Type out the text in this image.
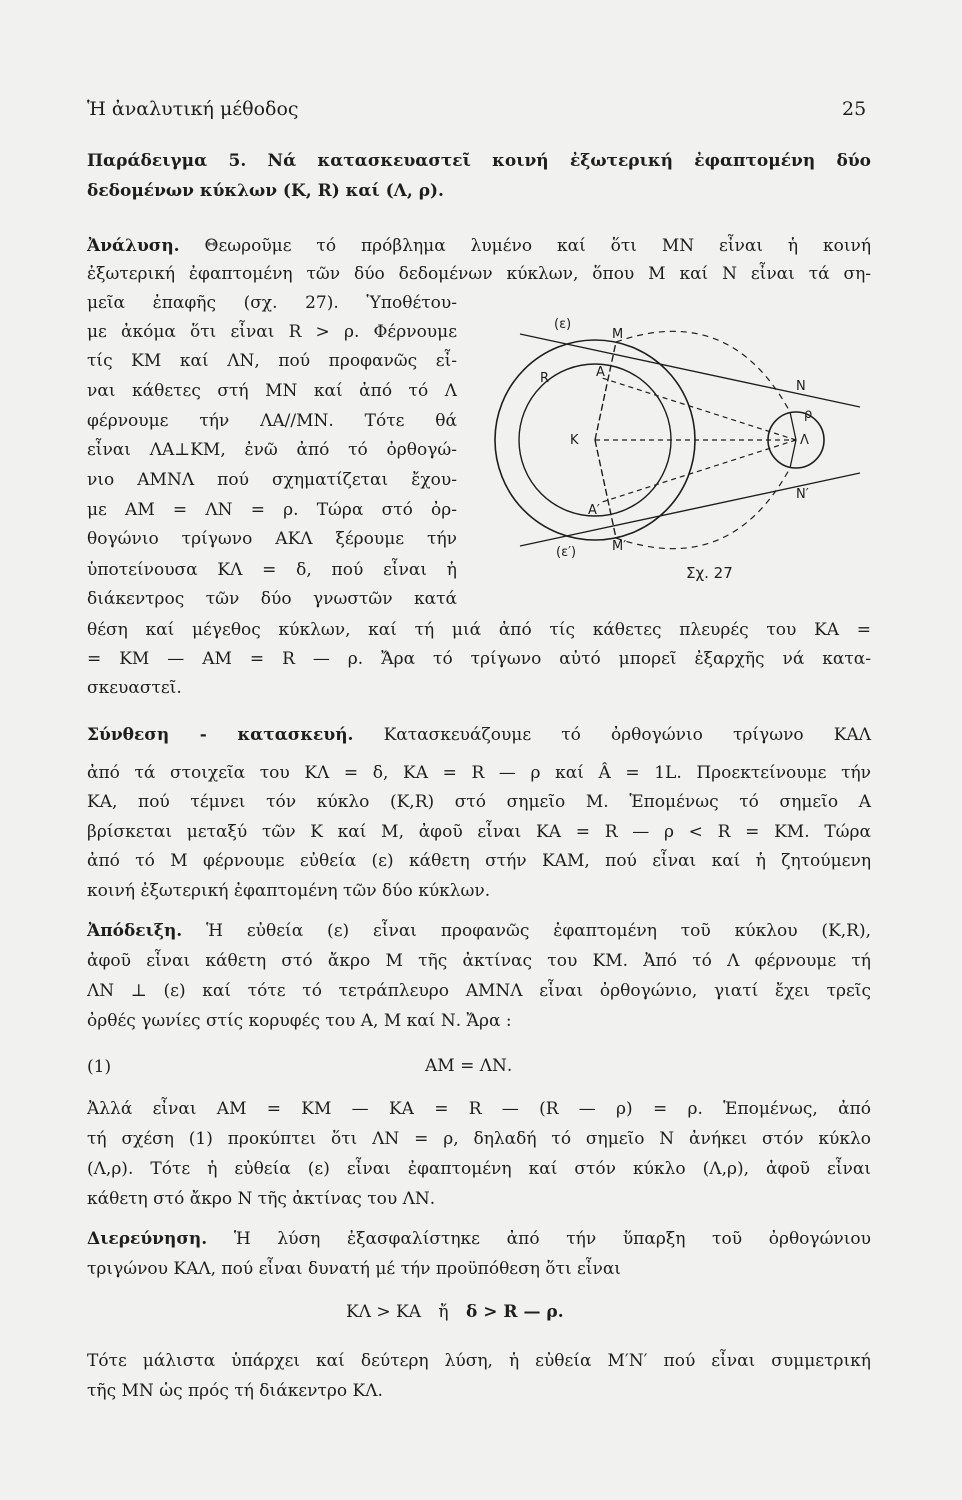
Ἡ ἀναλυτική μέθοδος	25
Παράδειγμα 5. Νά κατασκευαστεῖ κοινή ἐξωτερική ἐφαπτομένη δύο
δεδομένων κύκλων (Κ, R) καί (Λ, ρ).
Ἀνάλυση. Θεωροῦμε τό πρόβλημα λυμένο καί ὅτι ΜΝ εἶναι ἡ κοινή
ἐξωτερική ἐφαπτομένη τῶν δύο δεδομένων κύκλων, ὅπου Μ καί Ν εἶναι τά ση-
μεῖα ἐπαφῆς (σχ. 27). Ὑποθέτου-
με ἀκόμα ὅτι εἶναι R > ρ. Φέρνουμε
τίς ΚΜ καί ΛΝ, πού προφανῶς εἶ-
ναι κάθετες στή ΜΝ καί ἀπό τό Λ
φέρνουμε τήν ΛΑ//ΜΝ. Τότε θά
εἶναι ΛΑ⊥ΚΜ, ἐνῶ ἀπό τό ὀρθογώ-
νιο ΑΜΝΛ πού σχηματίζεται ἔχου-
με ΑΜ = ΛΝ = ρ. Τώρα στό ὀρ-
θογώνιο τρίγωνο ΑΚΛ ξέρουμε τήν
ὑποτείνουσα ΚΛ = δ, πού εἶναι ἡ
διάκεντρος τῶν δύο γνωστῶν κατά
θέση καί μέγεθος κύκλων, καί τή μιά ἀπό τίς κάθετες πλευρές του ΚΑ =
= ΚΜ — ΑΜ = R — ρ. Ἄρα τό τρίγωνο αὐτό μπορεῖ ἐξαρχῆς νά κατα-
σκευαστεῖ.
(ε)
(ε′)
Μ
Μ′
Ν
Ν′
Α
Α′
Κ
R
ρ
Λ
Σχ. 27
Σύνθεση - κατασκευή. Κατασκευάζουμε τό ὀρθογώνιο τρίγωνο ΚΑΛ
ἀπό τά στοιχεῖα του ΚΛ = δ, ΚΑ = R — ρ καί Â = 1L. Προεκτείνουμε τήν
ΚΑ, πού τέμνει τόν κύκλο (Κ,R) στό σημεῖο Μ. Ἑπομένως τό σημεῖο Α
βρίσκεται μεταξύ τῶν Κ καί Μ, ἀφοῦ εἶναι ΚΑ = R — ρ < R = ΚΜ. Τώρα
ἀπό τό Μ φέρνουμε εὐθεία (ε) κάθετη στήν ΚΑΜ, πού εἶναι καί ἡ ζητούμενη
κοινή ἐξωτερική ἐφαπτομένη τῶν δύο κύκλων.
Ἀπόδειξη. Ἡ εὐθεία (ε) εἶναι προφανῶς ἐφαπτομένη τοῦ κύκλου (Κ,R),
ἀφοῦ εἶναι κάθετη στό ἄκρο Μ τῆς ἀκτίνας του ΚΜ. Ἀπό τό Λ φέρνουμε τή
ΛΝ ⊥ (ε) καί τότε τό τετράπλευρο ΑΜΝΛ εἶναι ὀρθογώνιο, γιατί ἔχει τρεῖς
ὀρθές γωνίες στίς κορυφές του Α, Μ καί Ν. Ἄρα :
(1)	ΑΜ = ΛΝ.
Ἀλλά εἶναι ΑΜ = ΚΜ — ΚΑ = R — (R — ρ) = ρ. Ἑπομένως, ἀπό
τή σχέση (1) προκύπτει ὅτι ΛΝ = ρ, δηλαδή τό σημεῖο Ν ἀνήκει στόν κύκλο
(Λ,ρ). Τότε ἡ εὐθεία (ε) εἶναι ἐφαπτομένη καί στόν κύκλο (Λ,ρ), ἀφοῦ εἶναι
κάθετη στό ἄκρο Ν τῆς ἀκτίνας του ΛΝ.
Διερεύνηση. Ἡ λύση ἐξασφαλίστηκε ἀπό τήν ὕπαρξη τοῦ ὀρθογώνιου
τριγώνου ΚΑΛ, πού εἶναι δυνατή μέ τήν προϋπόθεση ὅτι εἶναι
ΚΛ > ΚΑ ἤ δ > R — ρ.
Τότε μάλιστα ὑπάρχει καί δεύτερη λύση, ἡ εὐθεία Μ′Ν′ πού εἶναι συμμετρική
τῆς ΜΝ ὡς πρός τή διάκεντρο ΚΛ.
